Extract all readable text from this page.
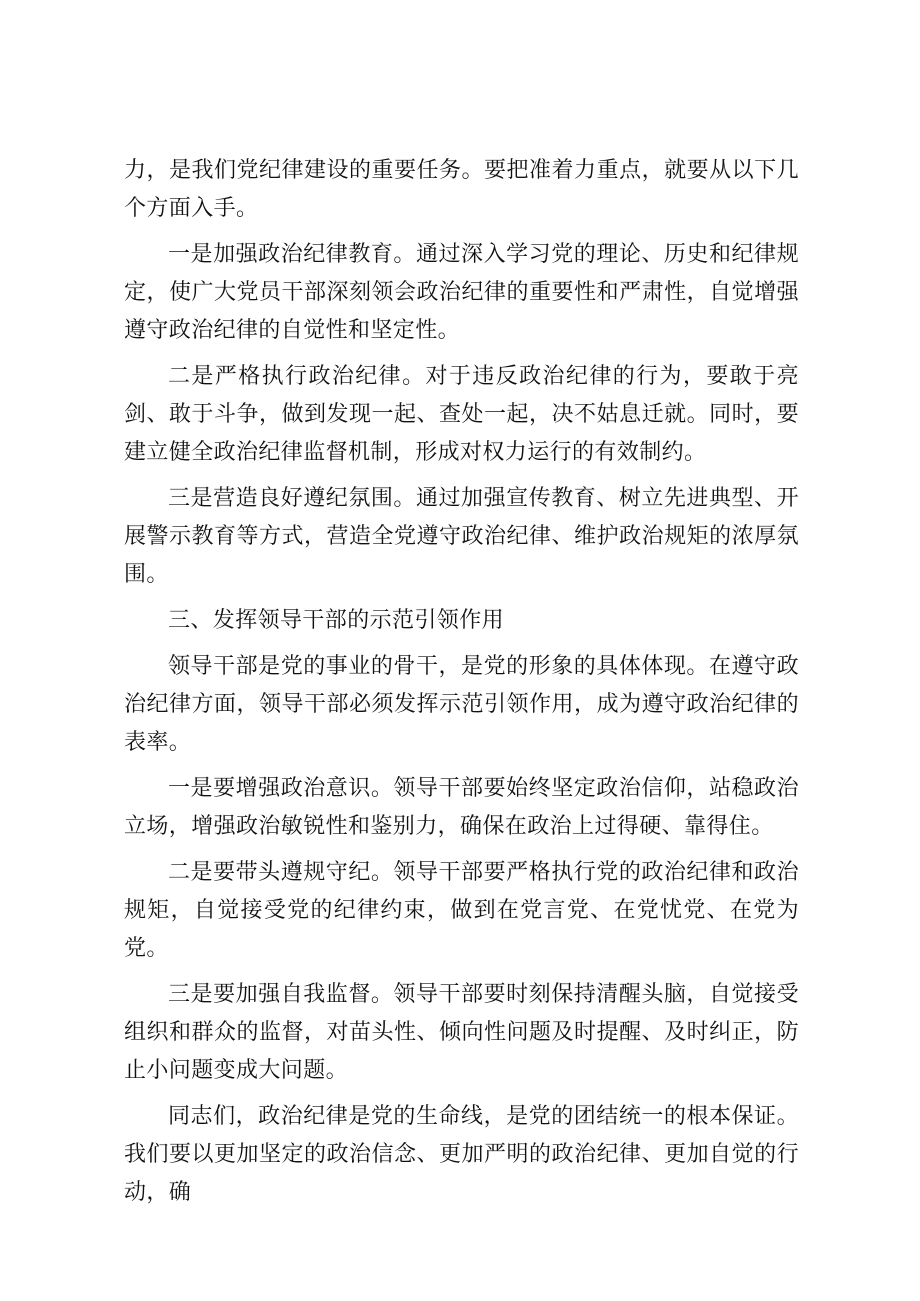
力，是我们党纪律建设的重要任务。要把准着力重点，就要从以下几个方面入手。

一是加强政治纪律教育。通过深入学习党的理论、历史和纪律规定，使广大党员干部深刻领会政治纪律的重要性和严肃性，自觉增强遵守政治纪律的自觉性和坚定性。

二是严格执行政治纪律。对于违反政治纪律的行为，要敢于亮剑、敢于斗争，做到发现一起、查处一起，决不姑息迁就。同时，要建立健全政治纪律监督机制，形成对权力运行的有效制约。

三是营造良好遵纪氛围。通过加强宣传教育、树立先进典型、开展警示教育等方式，营造全党遵守政治纪律、维护政治规矩的浓厚氛围。

三、发挥领导干部的示范引领作用

领导干部是党的事业的骨干，是党的形象的具体体现。在遵守政治纪律方面，领导干部必须发挥示范引领作用，成为遵守政治纪律的表率。

一是要增强政治意识。领导干部要始终坚定政治信仰，站稳政治立场，增强政治敏锐性和鉴别力，确保在政治上过得硬、靠得住。

二是要带头遵规守纪。领导干部要严格执行党的政治纪律和政治规矩，自觉接受党的纪律约束，做到在党言党、在党忧党、在党为党。

三是要加强自我监督。领导干部要时刻保持清醒头脑，自觉接受组织和群众的监督，对苗头性、倾向性问题及时提醒、及时纠正，防止小问题变成大问题。

同志们，政治纪律是党的生命线，是党的团结统一的根本保证。我们要以更加坚定的政治信念、更加严明的政治纪律、更加自觉的行动，确
